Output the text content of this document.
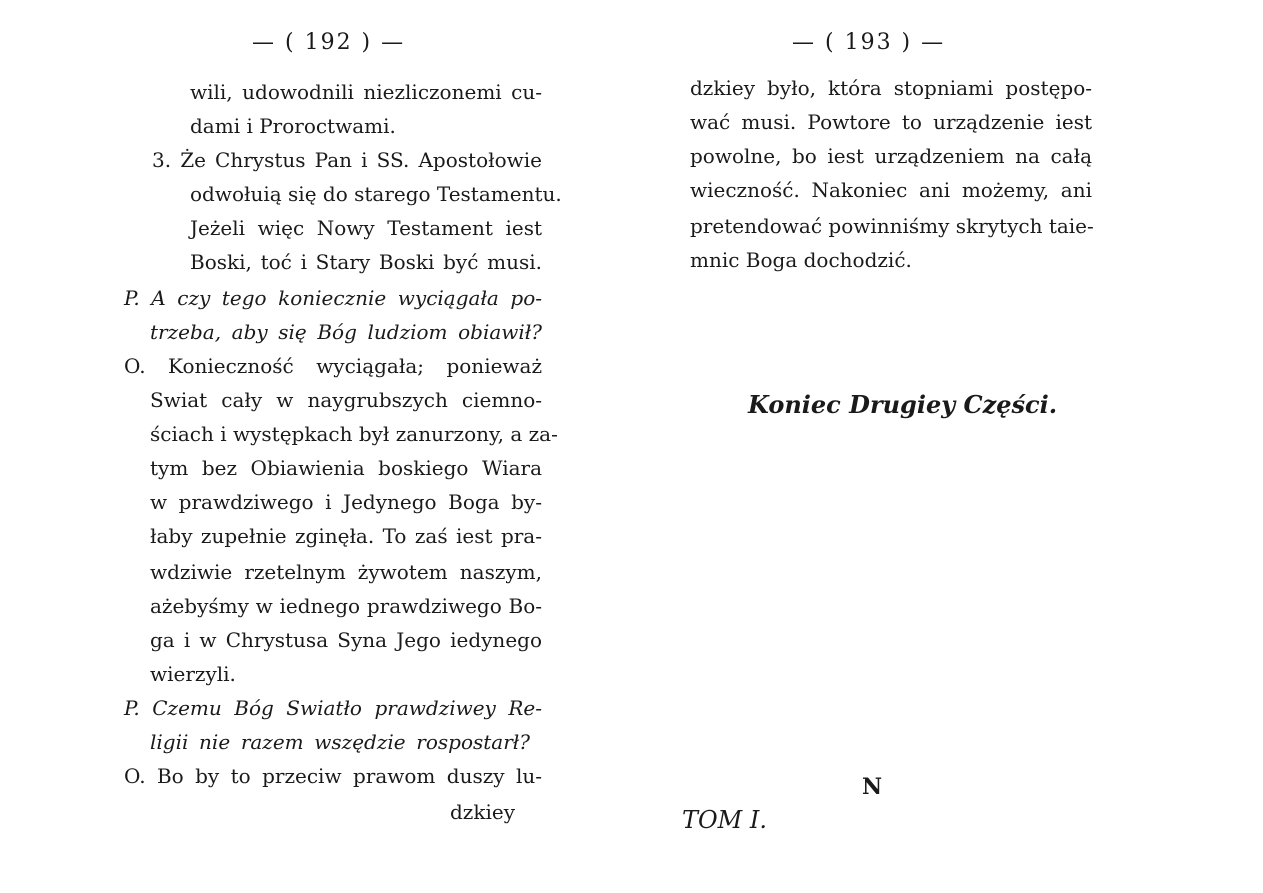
— ( 192 ) —
wili, udowodnili niezliczonemi cu-
dami i Proroctwami.
3. Że Chrystus Pan i SS. Apostołowie
odwołuią się do starego Testamentu.
Jeżeli więc Nowy Testament iest
Boski, toć i Stary Boski być musi.
P. A czy tego koniecznie wyciągała po-
trzeba, aby się Bóg ludziom obiawił?
O. Konieczność wyciągała; ponieważ
Swiat cały w naygrubszych ciemno-
ściach i występkach był zanurzony, a za-
tym bez Obiawienia boskiego Wiara
w prawdziwego i Jedynego Boga by-
łaby zupełnie zginęła. To zaś iest pra-
wdziwie rzetelnym żywotem naszym,
ażebyśmy w iednego prawdziwego Bo-
ga i w Chrystusa Syna Jego iedynego
wierzyli.
P. Czemu Bóg Swiatło prawdziwey Re-
ligii nie razem wszędzie rospostarł?
O. Bo by to przeciw prawom duszy lu-
dzkiey
— ( 193 ) —
dzkiey było, która stopniami postępo-
wać musi. Powtore to urządzenie iest
powolne, bo iest urządzeniem na całą
wieczność. Nakoniec ani możemy, ani
pretendować powinniśmy skrytych taie-
mnic Boga dochodzić.
Koniec Drugiey Części.
N
TOM I.
